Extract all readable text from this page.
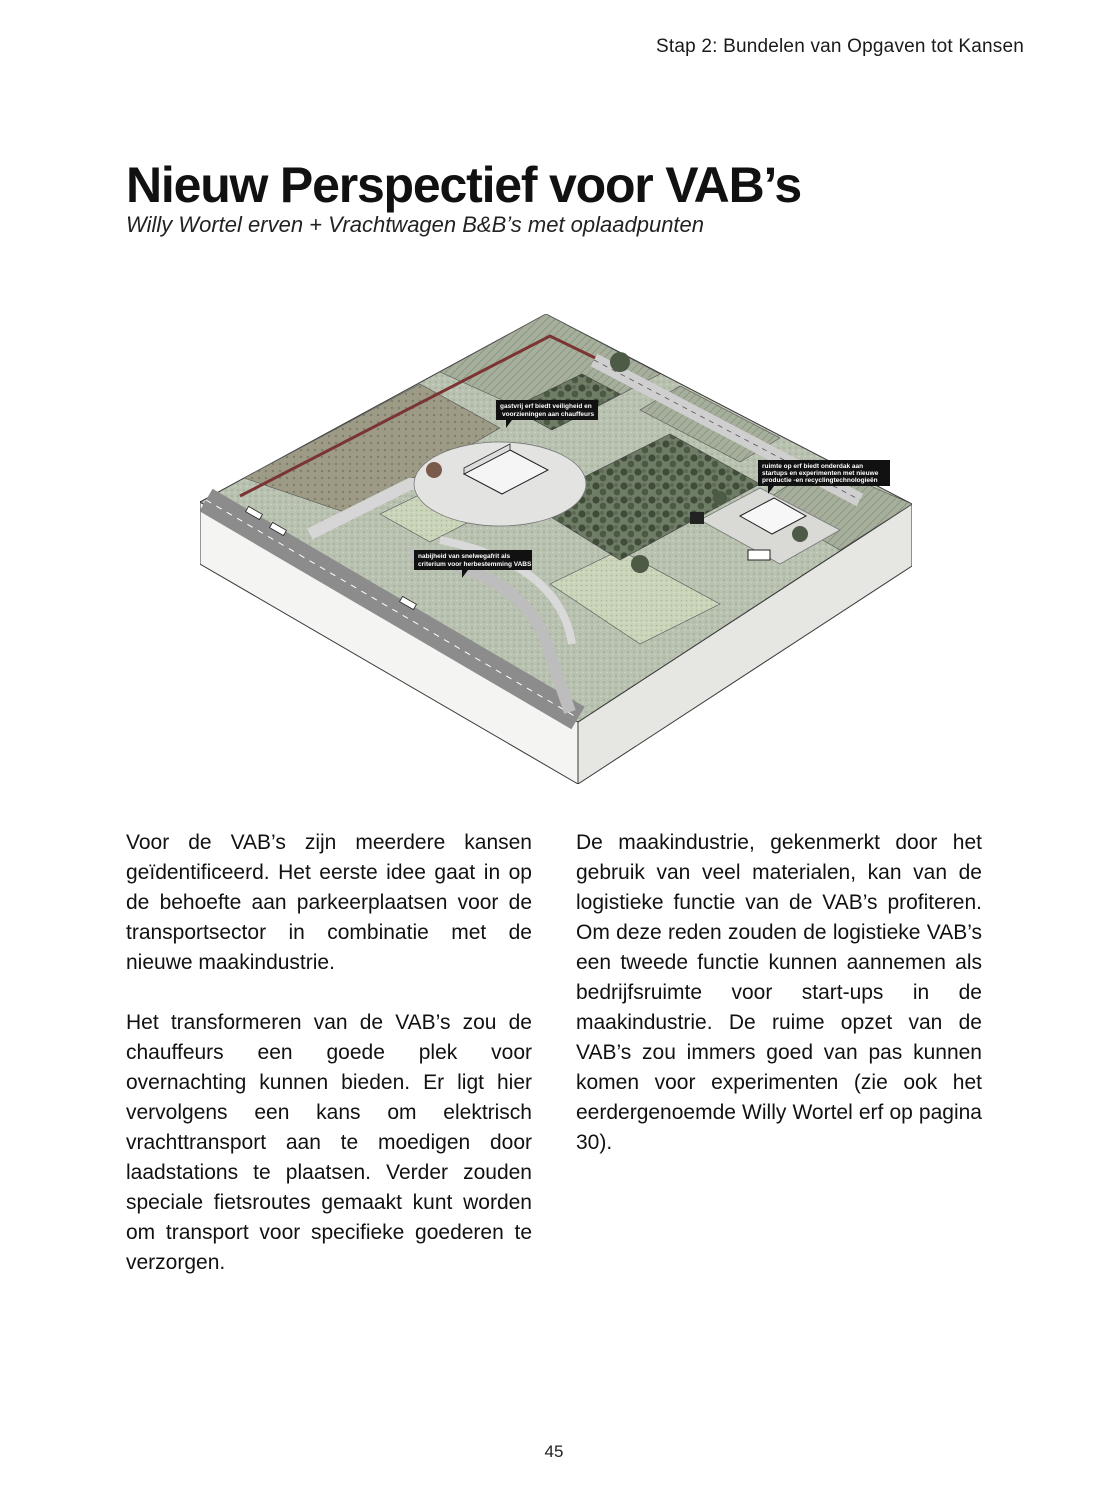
Stap 2: Bundelen van Opgaven tot Kansen
Nieuw Perspectief voor VAB’s
Willy Wortel erven + Vrachtwagen B&B’s met oplaadpunten
gastvrij erf biedt veiligheid en
voorzieningen aan chauffeurs
ruimte op erf biedt onderdak aan
startups en experimenten met nieuwe
productie -en recyclingtechnologieën
nabijheid van snelwegafrit als
criterium voor herbestemming VABS

Voor de VAB’s zijn meerdere kansen geïdentificeerd. Het eerste idee gaat in op de behoefte aan parkeerplaatsen voor de transportsector in combinatie met de nieuwe maakindustrie.

Het transformeren van de VAB’s zou de chauffeurs een goede plek voor overnachting kunnen bieden. Er ligt hier vervolgens een kans om elektrisch vrachttransport aan te moedigen door laadstations te plaatsen. Verder zouden speciale fietsroutes gemaakt kunt worden om transport voor specifieke goederen te verzorgen.

De maakindustrie, gekenmerkt door het gebruik van veel materialen, kan van de logistieke functie van de VAB’s profiteren. Om deze reden zouden de logistieke VAB’s een tweede functie kunnen aannemen als bedrijfsruimte voor start-ups in de maakindustrie. De ruime opzet van de VAB’s zou immers goed van pas kunnen komen voor experimenten (zie ook het eerdergenoemde Willy Wortel erf op pagina 30).

45
